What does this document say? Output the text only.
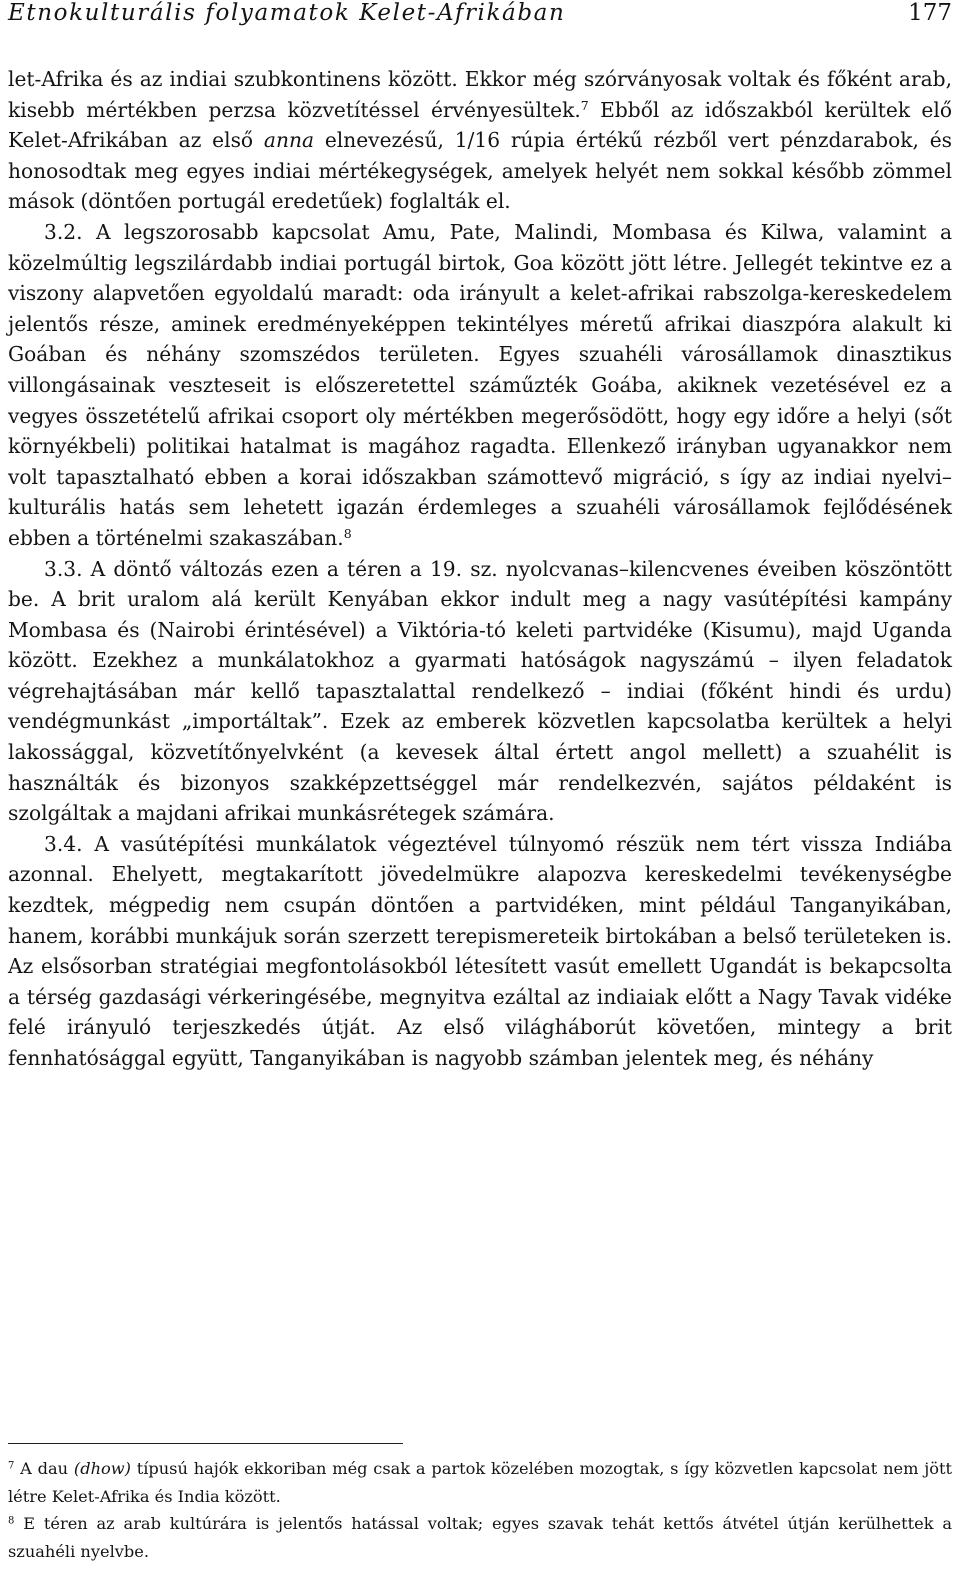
Etnokulturális folyamatok Kelet-Afrikában	177

let-Afrika és az indiai szubkontinens között. Ekkor még szórványosak voltak és főként arab, kisebb mértékben perzsa közvetítéssel érvényesültek.$^7$ Ebből az időszakból kerültek elő Kelet-Afrikában az első anna elnevezésű, 1/16 rúpia értékű rézből vert pénzdarabok, és honosodtak meg egyes indiai mértékegységek, amelyek helyét nem sokkal később zömmel mások (döntően portugál eredetűek) foglalták el.

3.2. A legszorosabb kapcsolat Amu, Pate, Malindi, Mombasa és Kilwa, valamint a közelmúltig legszilárdabb indiai portugál birtok, Goa között jött létre. Jellegét tekintve ez a viszony alapvetően egyoldalú maradt: oda irányult a kelet-afrikai rabszolga-kereskedelem jelentős része, aminek eredményeképpen tekintélyes méretű afrikai diaszpóra alakult ki Goában és néhány szomszédos területen. Egyes szuahéli városállamok dinasztikus villongásainak veszteseit is előszeretettel száműzték Goába, akiknek vezetésével ez a vegyes összetételű afrikai csoport oly mértékben megerősödött, hogy egy időre a helyi (sőt környékbeli) politikai hatalmat is magához ragadta. Ellenkező irányban ugyanakkor nem volt tapasztalható ebben a korai időszakban számottevő migráció, s így az indiai nyelvi–kulturális hatás sem lehetett igazán érdemleges a szuahéli városállamok fejlődésének ebben a történelmi szakaszában.$^8$

3.3. A döntő változás ezen a téren a 19. sz. nyolcvanas–kilencvenes éveiben köszöntött be. A brit uralom alá került Kenyában ekkor indult meg a nagy vasútépítési kampány Mombasa és (Nairobi érintésével) a Viktória-tó keleti partvidéke (Kisumu), majd Uganda között. Ezekhez a munkálatokhoz a gyarmati hatóságok nagyszámú – ilyen feladatok végrehajtásában már kellő tapasztalattal rendelkező – indiai (főként hindi és urdu) vendégmunkást „importáltak”. Ezek az emberek közvetlen kapcsolatba kerültek a helyi lakossággal, közvetítőnyelvként (a kevesek által értett angol mellett) a szuahélit is használták és bizonyos szakképzettséggel már rendelkezvén, sajátos példaként is szolgáltak a majdani afrikai munkásrétegek számára.

3.4. A vasútépítési munkálatok végeztével túlnyomó részük nem tért vissza Indiába azonnal. Ehelyett, megtakarított jövedelmükre alapozva kereskedelmi tevékenységbe kezdtek, mégpedig nem csupán döntően a partvidéken, mint például Tanganyikában, hanem, korábbi munkájuk során szerzett terepismereteik birtokában a belső területeken is. Az elsősorban stratégiai megfontolásokból létesített vasút emellett Ugandát is bekapcsolta a térség gazdasági vérkeringésébe, megnyitva ezáltal az indiaiak előtt a Nagy Tavak vidéke felé irányuló terjeszkedés útját. Az első világháborút követően, mintegy a brit fennhatósággal együtt, Tanganyikában is nagyobb számban jelentek meg, és néhány

$^7$ A dau (dhow) típusú hajók ekkoriban még csak a partok közelében mozogtak, s így közvetlen kapcsolat nem jött létre Kelet-Afrika és India között.

$^8$ E téren az arab kultúrára is jelentős hatással voltak; egyes szavak tehát kettős átvétel útján kerülhettek a szuahéli nyelvbe.
